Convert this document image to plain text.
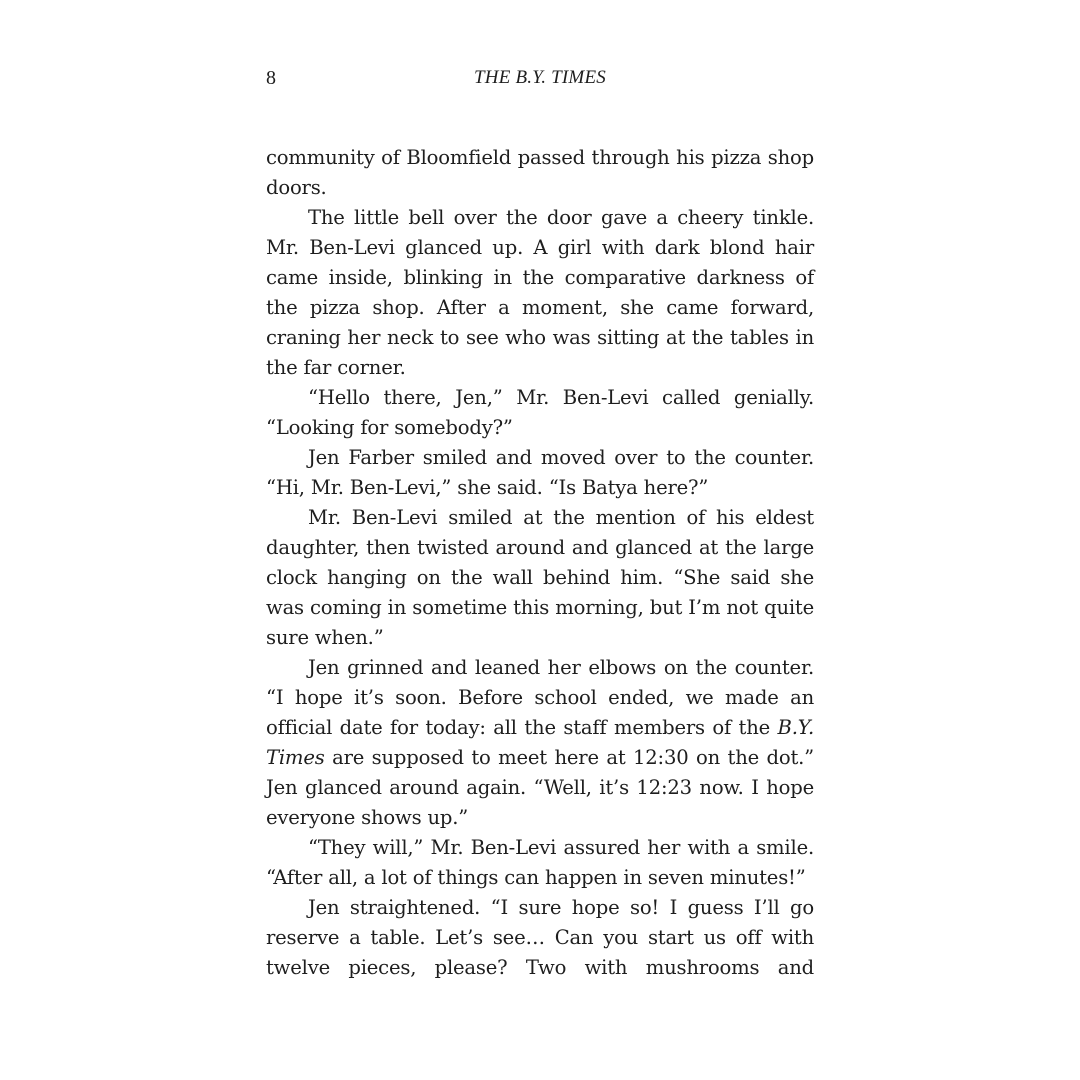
8	THE B.Y. TIMES

community of Bloomfield passed through his pizza shop doors.

The little bell over the door gave a cheery tinkle. Mr. Ben-Levi glanced up. A girl with dark blond hair came inside, blinking in the comparative darkness of the pizza shop. After a moment, she came forward, craning her neck to see who was sitting at the tables in the far corner.

“Hello there, Jen,” Mr. Ben-Levi called genially. “Looking for somebody?”

Jen Farber smiled and moved over to the counter. “Hi, Mr. Ben-Levi,” she said. “Is Batya here?”

Mr. Ben-Levi smiled at the mention of his eldest daughter, then twisted around and glanced at the large clock hanging on the wall behind him. “She said she was coming in sometime this morning, but I’m not quite sure when.”

Jen grinned and leaned her elbows on the counter. “I hope it’s soon. Before school ended, we made an official date for today: all the staff members of the B.Y. Times are supposed to meet here at 12:30 on the dot.” Jen glanced around again. “Well, it’s 12:23 now. I hope everyone shows up.”

“They will,” Mr. Ben-Levi assured her with a smile. “After all, a lot of things can happen in seven minutes!”

Jen straightened. “I sure hope so! I guess I’ll go reserve a table. Let’s see… Can you start us off with twelve pieces, please? Two with mushrooms and
